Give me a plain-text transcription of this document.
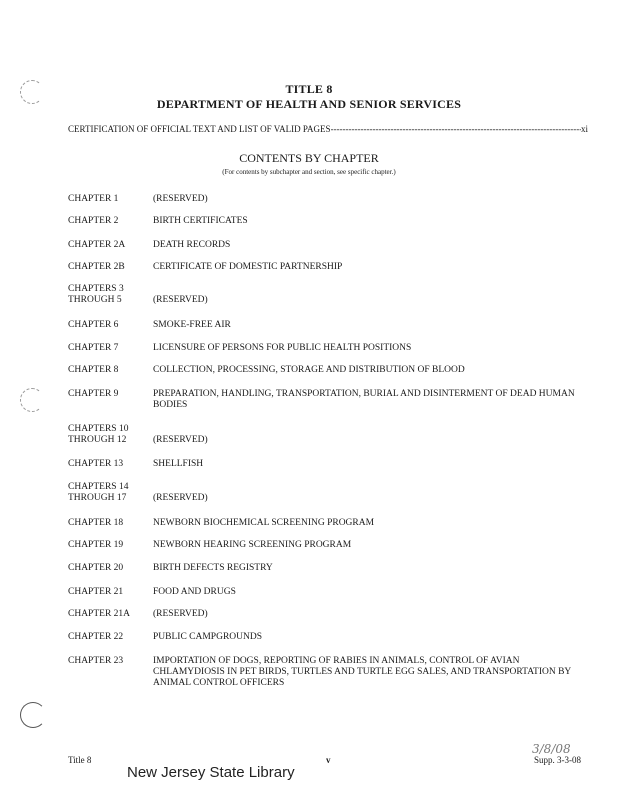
TITLE 8
DEPARTMENT OF HEALTH AND SENIOR SERVICES
CERTIFICATION OF OFFICIAL TEXT AND LIST OF VALID PAGES
-----	xi
CONTENTS BY CHAPTER
(For contents by subchapter and section, see specific chapter.)
CHAPTER 1	(RESERVED)
CHAPTER 2	BIRTH CERTIFICATES
CHAPTER 2A	DEATH RECORDS
CHAPTER 2B	CERTIFICATE OF DOMESTIC PARTNERSHIP
CHAPTERS 3
THROUGH 5	(RESERVED)
CHAPTER 6	SMOKE-FREE AIR
CHAPTER 7	LICENSURE OF PERSONS FOR PUBLIC HEALTH POSITIONS
CHAPTER 8	COLLECTION, PROCESSING, STORAGE AND DISTRIBUTION OF BLOOD
CHAPTER 9	PREPARATION, HANDLING, TRANSPORTATION, BURIAL AND DISINTERMENT OF DEAD HUMAN BODIES
CHAPTERS 10
THROUGH 12	(RESERVED)
CHAPTER 13	SHELLFISH
CHAPTERS 14
THROUGH 17	(RESERVED)
CHAPTER 18	NEWBORN BIOCHEMICAL SCREENING PROGRAM
CHAPTER 19	NEWBORN HEARING SCREENING PROGRAM
CHAPTER 20	BIRTH DEFECTS REGISTRY
CHAPTER 21	FOOD AND DRUGS
CHAPTER 21A	(RESERVED)
CHAPTER 22	PUBLIC CAMPGROUNDS
CHAPTER 23	IMPORTATION OF DOGS, REPORTING OF RABIES IN ANIMALS, CONTROL OF AVIAN CHLAMYDIOSIS IN PET BIRDS, TURTLES AND TURTLE EGG SALES, AND TRANSPORTATION BY ANIMAL CONTROL OFFICERS
Title 8	v	Supp. 3-3-08
New Jersey State Library
3/8/08
